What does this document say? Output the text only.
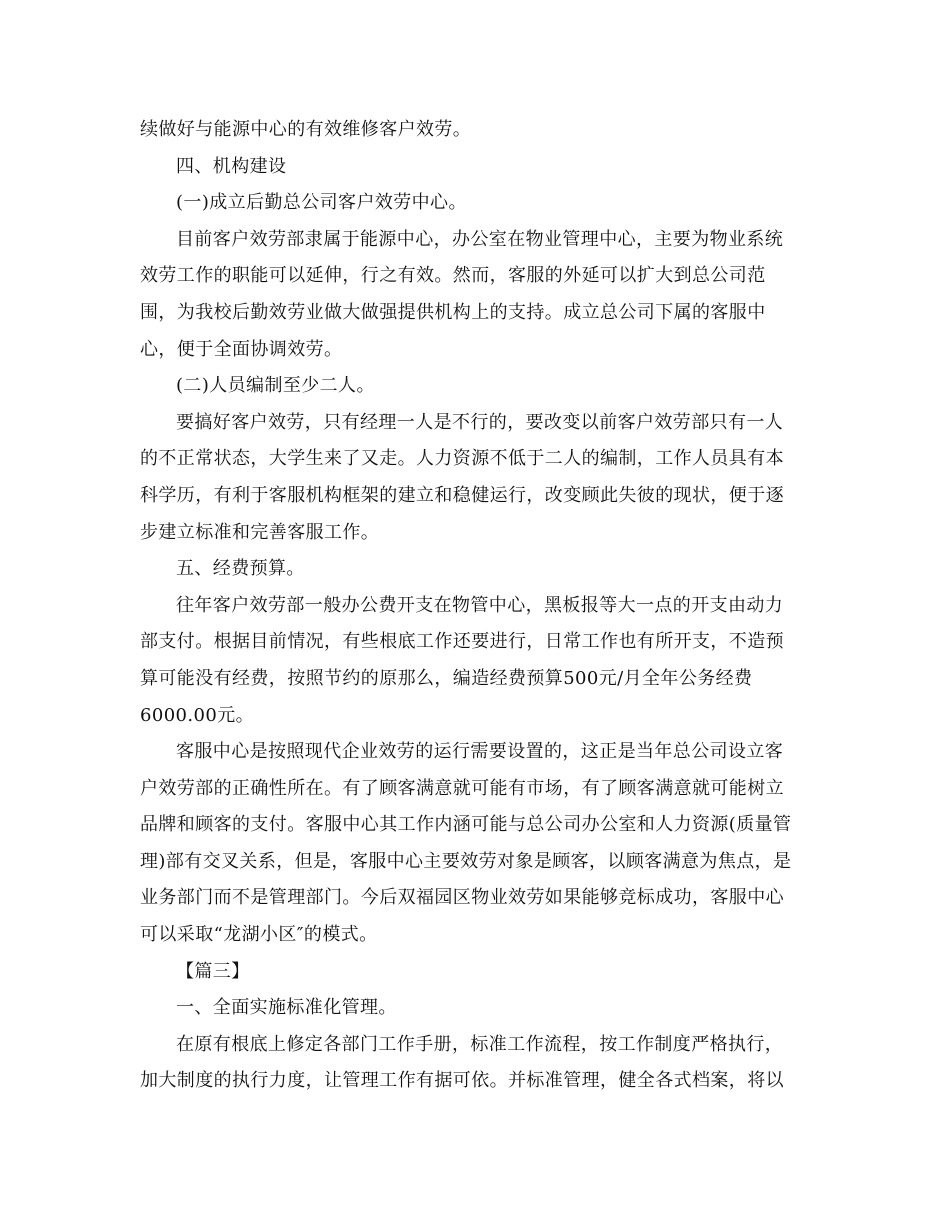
续做好与能源中心的有效维修客户效劳。
四、机构建设
(一)成立后勤总公司客户效劳中心。
目前客户效劳部隶属于能源中心，办公室在物业管理中心，主要为物业系统
效劳工作的职能可以延伸，行之有效。然而，客服的外延可以扩大到总公司范
围，为我校后勤效劳业做大做强提供机构上的支持。成立总公司下属的客服中
心，便于全面协调效劳。
(二)人员编制至少二人。
要搞好客户效劳，只有经理一人是不行的，要改变以前客户效劳部只有一人
的不正常状态，大学生来了又走。人力资源不低于二人的编制，工作人员具有本
科学历，有利于客服机构框架的建立和稳健运行，改变顾此失彼的现状，便于逐
步建立标准和完善客服工作。
五、经费预算。
往年客户效劳部一般办公费开支在物管中心，黑板报等大一点的开支由动力
部支付。根据目前情况，有些根底工作还要进行，日常工作也有所开支，不造预
算可能没有经费，按照节约的原那么，编造经费预算500元/月全年公务经费
6000.00元。
客服中心是按照现代企业效劳的运行需要设置的，这正是当年总公司设立客
户效劳部的正确性所在。有了顾客满意就可能有市场，有了顾客满意就可能树立
品牌和顾客的支付。客服中心其工作内涵可能与总公司办公室和人力资源(质量管
理)部有交叉关系，但是，客服中心主要效劳对象是顾客，以顾客满意为焦点，是
业务部门而不是管理部门。今后双福园区物业效劳如果能够竞标成功，客服中心
可以采取“龙湖小区″的模式。
【篇三】
一、全面实施标准化管理。
在原有根底上修定各部门工作手册，标准工作流程，按工作制度严格执行，
加大制度的执行力度，让管理工作有据可依。并标准管理，健全各式档案，将以
